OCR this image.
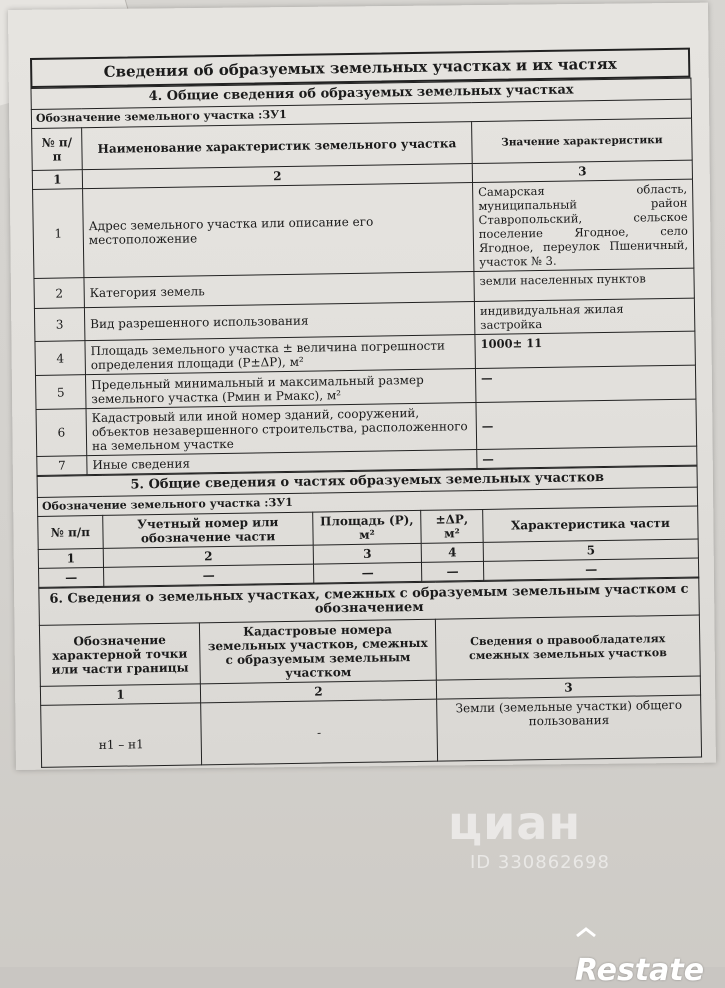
Сведения об образуемых земельных участках и их частях
4. Общие сведения об образуемых земельных участках		
Обозначение земельного участка :ЗУ1		
№ п/п	Наименование характеристик земельного участка	Значение характеристики
1	2	3
1	Адрес земельного участка или описание его местоположение	Самарская область, муниципальный район Ставропольский, сельское поселение Ягодное, село Ягодное, переулок Пшеничный, участок № 3.
2	Категория земель	земли населенных пунктов
3	Вид разрешенного использования	индивидуальная жилая застройка
4	Площадь земельного участка ± величина погрешности определения площади (Р±ΔР), м²	1000± 11
5	Предельный минимальный и максимальный размер земельного участка (Рмин и Рмакс), м²	—
6	Кадастровый или иной номер зданий, сооружений, объектов незавершенного строительства, расположенного на земельном участке	—
7	Иные сведения	—
5. Общие сведения о частях образуемых земельных участков				
Обозначение земельного участка :ЗУ1				
№ п/п	Учетный номер или обозначение части	Площадь (Р), м²	±ΔР, м²	Характеристика части
1	2	3	4	5
—	—	—	—	—
6. Сведения о земельных участках, смежных с образуемым земельным участком с обозначением		
Обозначение характерной точки или части границы	Кадастровые номера земельных участков, смежных с образуемым земельным участком	Сведения о правообладателях смежных земельных участков
1	2	3
н1 – н1	-	Земли (земельные участки) общего пользования
циан
ID 330862698
Restate
